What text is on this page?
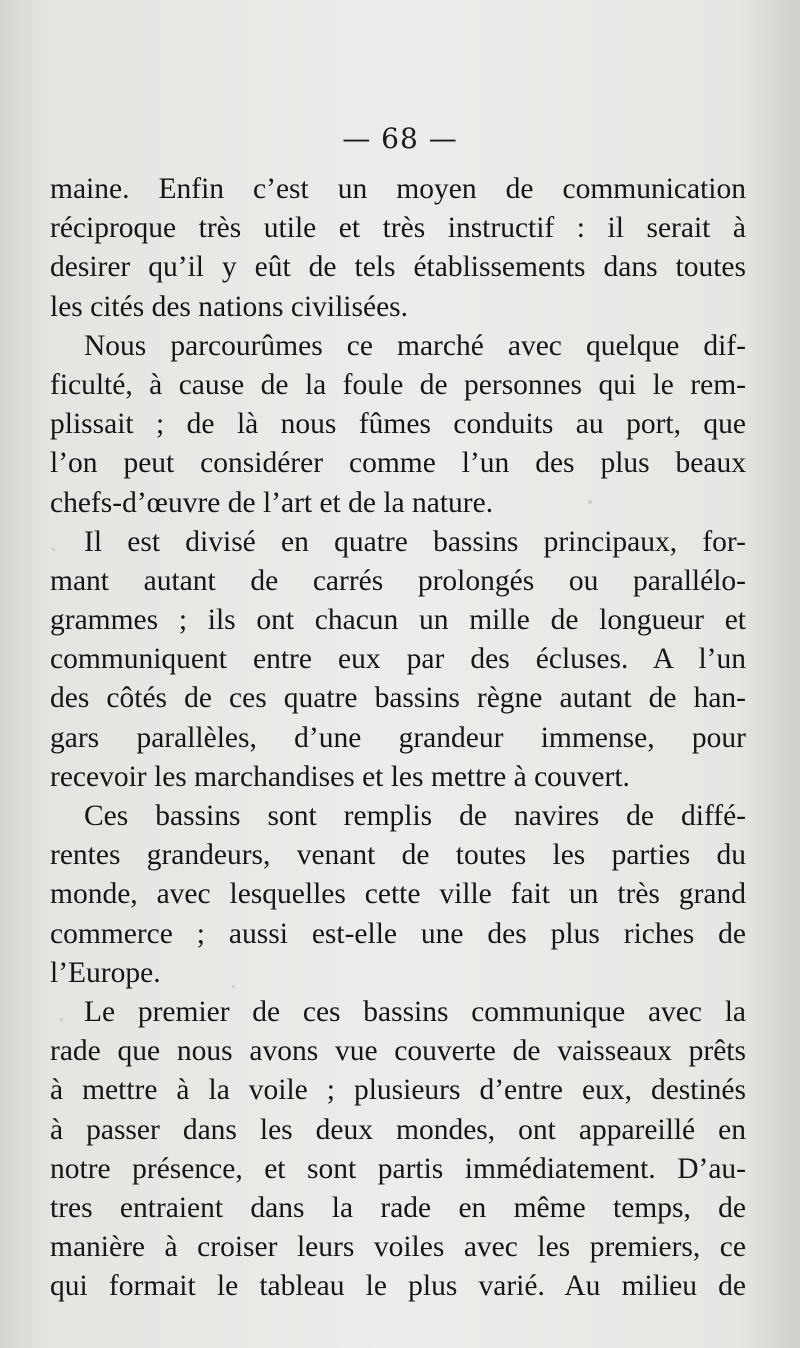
— 68 —
maine. Enfin c’est un moyen de communication
réciproque très utile et très instructif : il serait à
desirer qu’il y eût de tels établissements dans toutes
les cités des nations civilisées.
Nous parcourûmes ce marché avec quelque dif-
ficulté, à cause de la foule de personnes qui le rem-
plissait ; de là nous fûmes conduits au port, que
l’on peut considérer comme l’un des plus beaux
chefs-d’œuvre de l’art et de la nature.
Il est divisé en quatre bassins principaux, for-
mant autant de carrés prolongés ou parallélo-
grammes ; ils ont chacun un mille de longueur et
communiquent entre eux par des écluses. A l’un
des côtés de ces quatre bassins règne autant de han-
gars parallèles, d’une grandeur immense, pour
recevoir les marchandises et les mettre à couvert.
Ces bassins sont remplis de navires de diffé-
rentes grandeurs, venant de toutes les parties du
monde, avec lesquelles cette ville fait un très grand
commerce ; aussi est-elle une des plus riches de
l’Europe.
Le premier de ces bassins communique avec la
rade que nous avons vue couverte de vaisseaux prêts
à mettre à la voile ; plusieurs d’entre eux, destinés
à passer dans les deux mondes, ont appareillé en
notre présence, et sont partis immédiatement. D’au-
tres entraient dans la rade en même temps, de
manière à croiser leurs voiles avec les premiers, ce
qui formait le tableau le plus varié. Au milieu de
